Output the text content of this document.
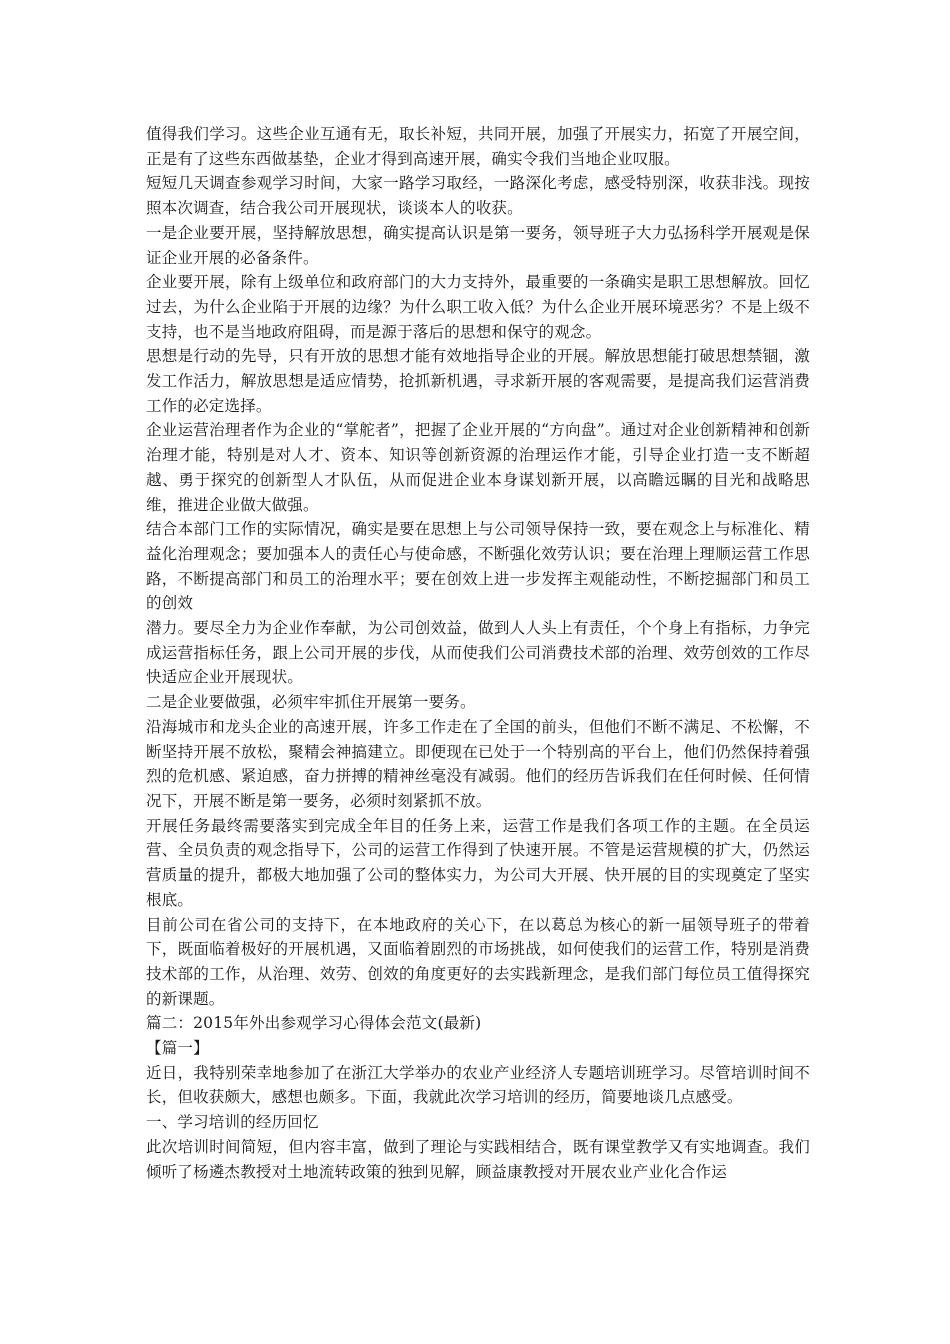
值得我们学习。这些企业互通有无，取长补短，共同开展，加强了开展实力，拓宽了开展空间，正是有了这些东西做基垫，企业才得到高速开展，确实令我们当地企业叹服。

短短几天调查参观学习时间，大家一路学习取经，一路深化考虑，感受特别深，收获非浅。现按照本次调查，结合我公司开展现状，谈谈本人的收获。

一是企业要开展，坚持解放思想，确实提高认识是第一要务，领导班子大力弘扬科学开展观是保证企业开展的必备条件。

企业要开展，除有上级单位和政府部门的大力支持外，最重要的一条确实是职工思想解放。回忆过去，为什么企业陷于开展的边缘？为什么职工收入低？为什么企业开展环境恶劣？不是上级不支持，也不是当地政府阻碍，而是源于落后的思想和保守的观念。

思想是行动的先导，只有开放的思想才能有效地指导企业的开展。解放思想能打破思想禁锢，激发工作活力，解放思想是适应情势，抢抓新机遇，寻求新开展的客观需要，是提高我们运营消费工作的必定选择。

企业运营治理者作为企业的“掌舵者”，把握了企业开展的“方向盘”。通过对企业创新精神和创新治理才能，特别是对人才、资本、知识等创新资源的治理运作才能，引导企业打造一支不断超越、勇于探究的创新型人才队伍，从而促进企业本身谋划新开展，以高瞻远瞩的目光和战略思维，推进企业做大做强。

结合本部门工作的实际情况，确实是要在思想上与公司领导保持一致，要在观念上与标准化、精益化治理观念；要加强本人的责任心与使命感，不断强化效劳认识；要在治理上理顺运营工作思路，不断提高部门和员工的治理水平；要在创效上进一步发挥主观能动性，不断挖掘部门和员工的创效

潜力。要尽全力为企业作奉献，为公司创效益，做到人人头上有责任，个个身上有指标，力争完成运营指标任务，跟上公司开展的步伐，从而使我们公司消费技术部的治理、效劳创效的工作尽快适应企业开展现状。

二是企业要做强，必须牢牢抓住开展第一要务。

沿海城市和龙头企业的高速开展，许多工作走在了全国的前头，但他们不断不满足、不松懈，不断坚持开展不放松，聚精会神搞建立。即便现在已处于一个特别高的平台上，他们仍然保持着强烈的危机感、紧迫感，奋力拼搏的精神丝毫没有减弱。他们的经历告诉我们在任何时候、任何情况下，开展不断是第一要务，必须时刻紧抓不放。

开展任务最终需要落实到完成全年目的任务上来，运营工作是我们各项工作的主题。在全员运营、全员负责的观念指导下，公司的运营工作得到了快速开展。不管是运营规模的扩大，仍然运营质量的提升，都极大地加强了公司的整体实力，为公司大开展、快开展的目的实现奠定了坚实根底。

目前公司在省公司的支持下，在本地政府的关心下，在以葛总为核心的新一届领导班子的带着下，既面临着极好的开展机遇，又面临着剧烈的市场挑战，如何使我们的运营工作，特别是消费技术部的工作，从治理、效劳、创效的角度更好的去实践新理念，是我们部门每位员工值得探究的新课题。

篇二：2015年外出参观学习心得体会范文(最新)

【篇一】

近日，我特别荣幸地参加了在浙江大学举办的农业产业经济人专题培训班学习。尽管培训时间不长，但收获颇大，感想也颇多。下面，我就此次学习培训的经历，简要地谈几点感受。

一、学习培训的经历回忆

此次培训时间简短，但内容丰富，做到了理论与实践相结合，既有课堂教学又有实地调查。我们倾听了杨遴杰教授对土地流转政策的独到见解，顾益康教授对开展农业产业化合作运
